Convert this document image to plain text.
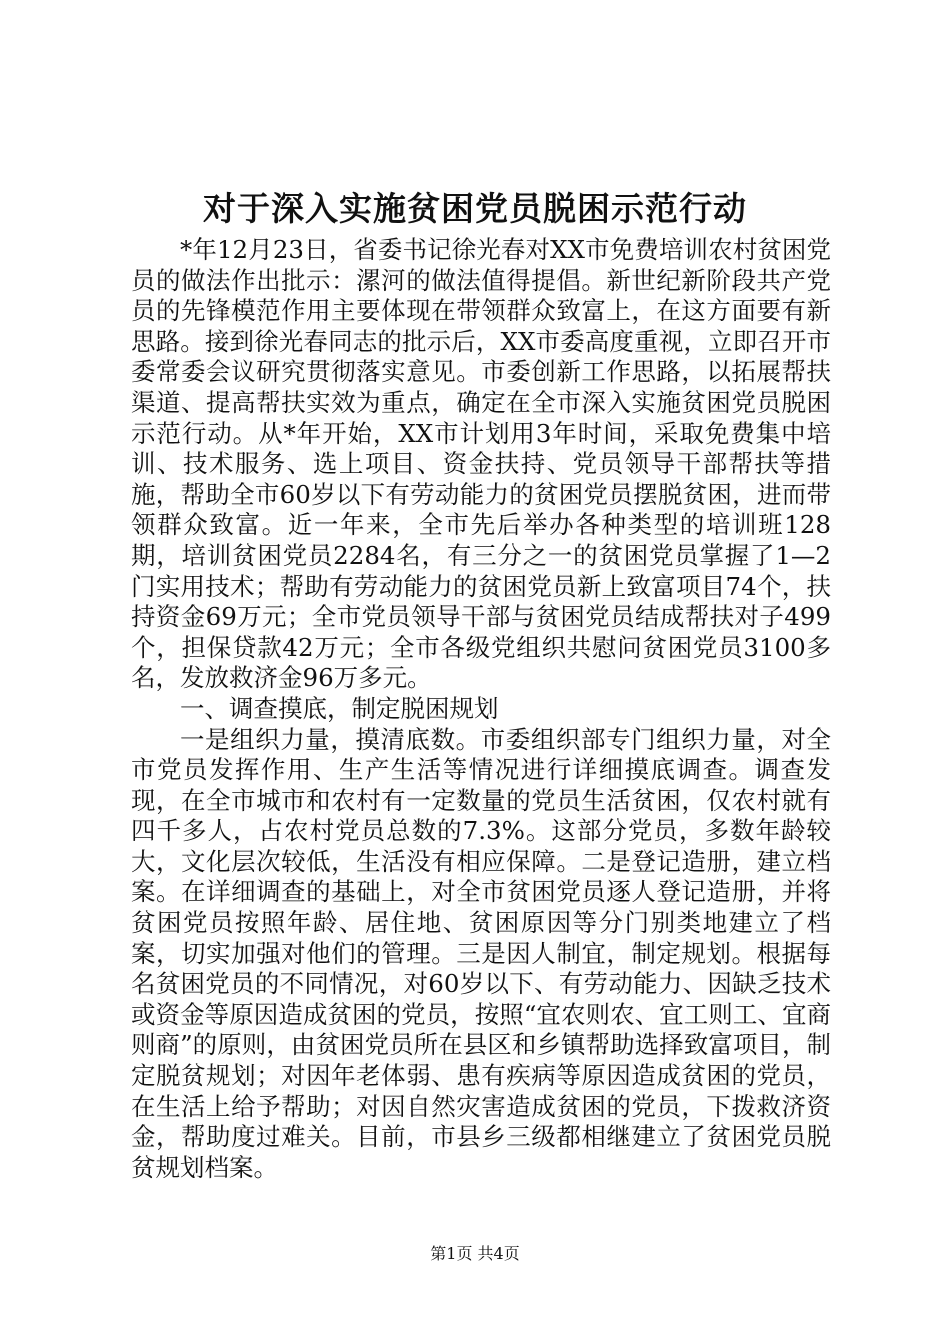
对于深入实施贫困党员脱困示范行动

*年12月23日，省委书记徐光春对XX市免费培训农村贫困党员的做法作出批示：漯河的做法值得提倡。新世纪新阶段共产党员的先锋模范作用主要体现在带领群众致富上，在这方面要有新思路。接到徐光春同志的批示后，XX市委高度重视，立即召开市委常委会议研究贯彻落实意见。市委创新工作思路，以拓展帮扶渠道、提高帮扶实效为重点，确定在全市深入实施贫困党员脱困示范行动。从*年开始，XX市计划用3年时间，采取免费集中培训、技术服务、选上项目、资金扶持、党员领导干部帮扶等措施，帮助全市60岁以下有劳动能力的贫困党员摆脱贫困，进而带领群众致富。近一年来，全市先后举办各种类型的培训班128期，培训贫困党员2284名，有三分之一的贫困党员掌握了1—2门实用技术；帮助有劳动能力的贫困党员新上致富项目74个，扶持资金69万元；全市党员领导干部与贫困党员结成帮扶对子499个，担保贷款42万元；全市各级党组织共慰问贫困党员3100多名，发放救济金96万多元。

一、调查摸底，制定脱困规划

一是组织力量，摸清底数。市委组织部专门组织力量，对全市党员发挥作用、生产生活等情况进行详细摸底调查。调查发现，在全市城市和农村有一定数量的党员生活贫困，仅农村就有四千多人，占农村党员总数的7.3%。这部分党员，多数年龄较大，文化层次较低，生活没有相应保障。二是登记造册，建立档案。在详细调查的基础上，对全市贫困党员逐人登记造册，并将贫困党员按照年龄、居住地、贫困原因等分门别类地建立了档案，切实加强对他们的管理。三是因人制宜，制定规划。根据每名贫困党员的不同情况，对60岁以下、有劳动能力、因缺乏技术或资金等原因造成贫困的党员，按照“宜农则农、宜工则工、宜商则商”的原则，由贫困党员所在县区和乡镇帮助选择致富项目，制定脱贫规划；对因年老体弱、患有疾病等原因造成贫困的党员，在生活上给予帮助；对因自然灾害造成贫困的党员，下拨救济资金，帮助度过难关。目前，市县乡三级都相继建立了贫困党员脱贫规划档案。

第1页 共4页
